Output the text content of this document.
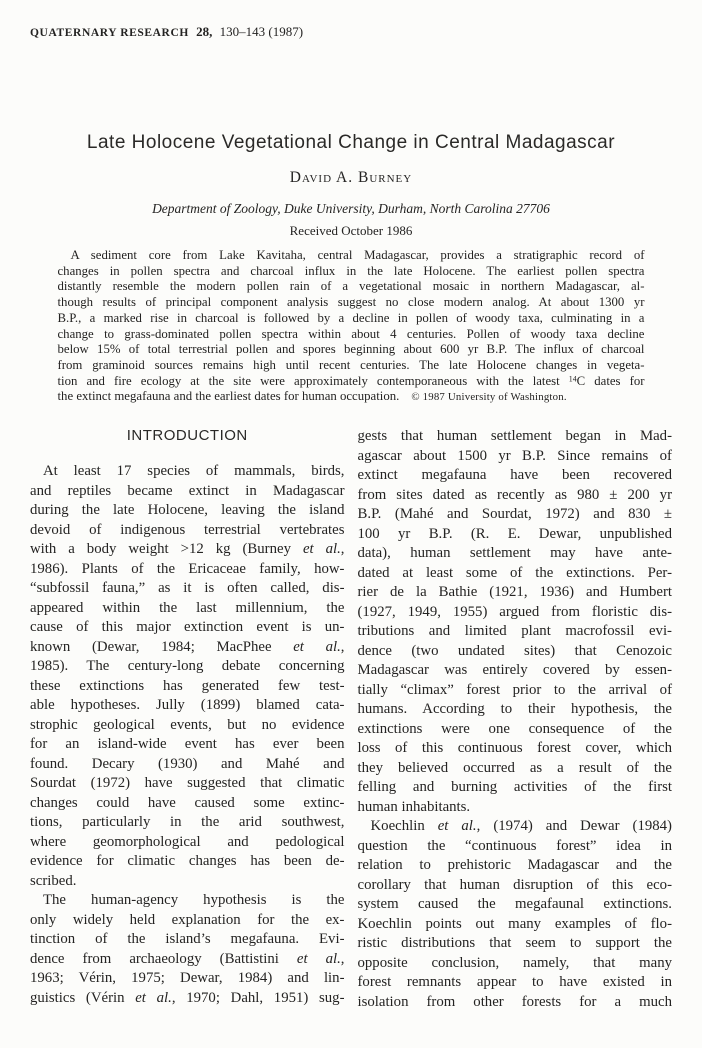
QUATERNARY RESEARCH 28, 130–143 (1987)
Late Holocene Vegetational Change in Central Madagascar
David A. Burney
Department of Zoology, Duke University, Durham, North Carolina 27706
Received October 1986
A sediment core from Lake Kavitaha, central Madagascar, provides a stratigraphic record of
changes in pollen spectra and charcoal influx in the late Holocene. The earliest pollen spectra
distantly resemble the modern pollen rain of a vegetational mosaic in northern Madagascar, al-
though results of principal component analysis suggest no close modern analog. At about 1300 yr
B.P., a marked rise in charcoal is followed by a decline in pollen of woody taxa, culminating in a
change to grass-dominated pollen spectra within about 4 centuries. Pollen of woody taxa decline
below 15% of total terrestrial pollen and spores beginning about 600 yr B.P. The influx of charcoal
from graminoid sources remains high until recent centuries. The late Holocene changes in vegeta-
tion and fire ecology at the site were approximately contemporaneous with the latest $^{14}$C dates for
the extinct megafauna and the earliest dates for human occupation. © 1987 University of Washington.
INTRODUCTION
At least 17 species of mammals, birds,
and reptiles became extinct in Madagascar
during the late Holocene, leaving the island
devoid of indigenous terrestrial vertebrates
with a body weight >12 kg (Burney et al.,
1986). Plants of the Ericaceae family, how-
“subfossil fauna,” as it is often called, dis-
appeared within the last millennium, the
cause of this major extinction event is un-
known (Dewar, 1984; MacPhee et al.,
1985). The century-long debate concerning
these extinctions has generated few test-
able hypotheses. Jully (1899) blamed cata-
strophic geological events, but no evidence
for an island-wide event has ever been
found. Decary (1930) and Mahé and
Sourdat (1972) have suggested that climatic
changes could have caused some extinc-
tions, particularly in the arid southwest,
where geomorphological and pedological
evidence for climatic changes has been de-
scribed.
The human-agency hypothesis is the
only widely held explanation for the ex-
tinction of the island’s megafauna. Evi-
dence from archaeology (Battistini et al.,
1963; Vérin, 1975; Dewar, 1984) and lin-
guistics (Vérin et al., 1970; Dahl, 1951) sug-
gests that human settlement began in Mad-
agascar about 1500 yr B.P. Since remains of
extinct megafauna have been recovered
from sites dated as recently as 980 ± 200 yr
B.P. (Mahé and Sourdat, 1972) and 830 ±
100 yr B.P. (R. E. Dewar, unpublished
data), human settlement may have ante-
dated at least some of the extinctions. Per-
rier de la Bathie (1921, 1936) and Humbert
(1927, 1949, 1955) argued from floristic dis-
tributions and limited plant macrofossil evi-
dence (two undated sites) that Cenozoic
Madagascar was entirely covered by essen-
tially “climax” forest prior to the arrival of
humans. According to their hypothesis, the
extinctions were one consequence of the
loss of this continuous forest cover, which
they believed occurred as a result of the
felling and burning activities of the first
human inhabitants.
Koechlin et al., (1974) and Dewar (1984)
question the “continuous forest” idea in
relation to prehistoric Madagascar and the
corollary that human disruption of this eco-
system caused the megafaunal extinctions.
Koechlin points out many examples of flo-
ristic distributions that seem to support the
opposite conclusion, namely, that many
forest remnants appear to have existed in
isolation from other forests for a much
